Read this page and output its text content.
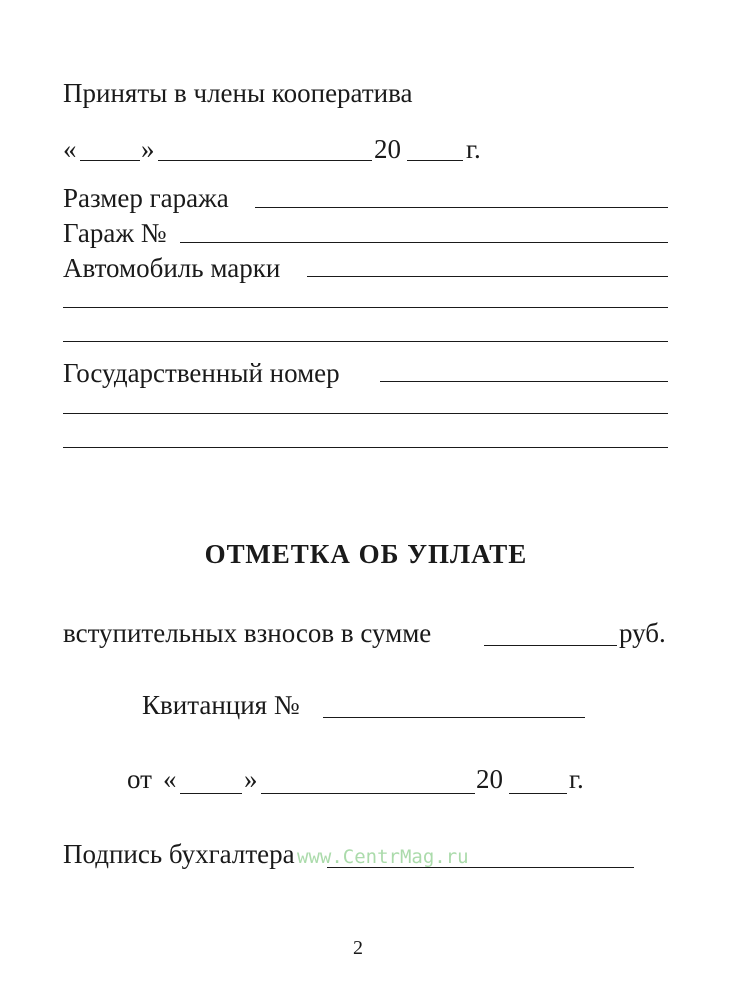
Приняты в члены кооператива
« »	20 г.
Размер гаража
Гараж №
Автомобиль марки
Государственный номер
ОТМЕТКА ОБ УПЛАТЕ
вступительных взносов в сумме	руб.
Квитанция №
от «	»	20 г.
Подпись бухгалтера www.CentrMag.ru
2
